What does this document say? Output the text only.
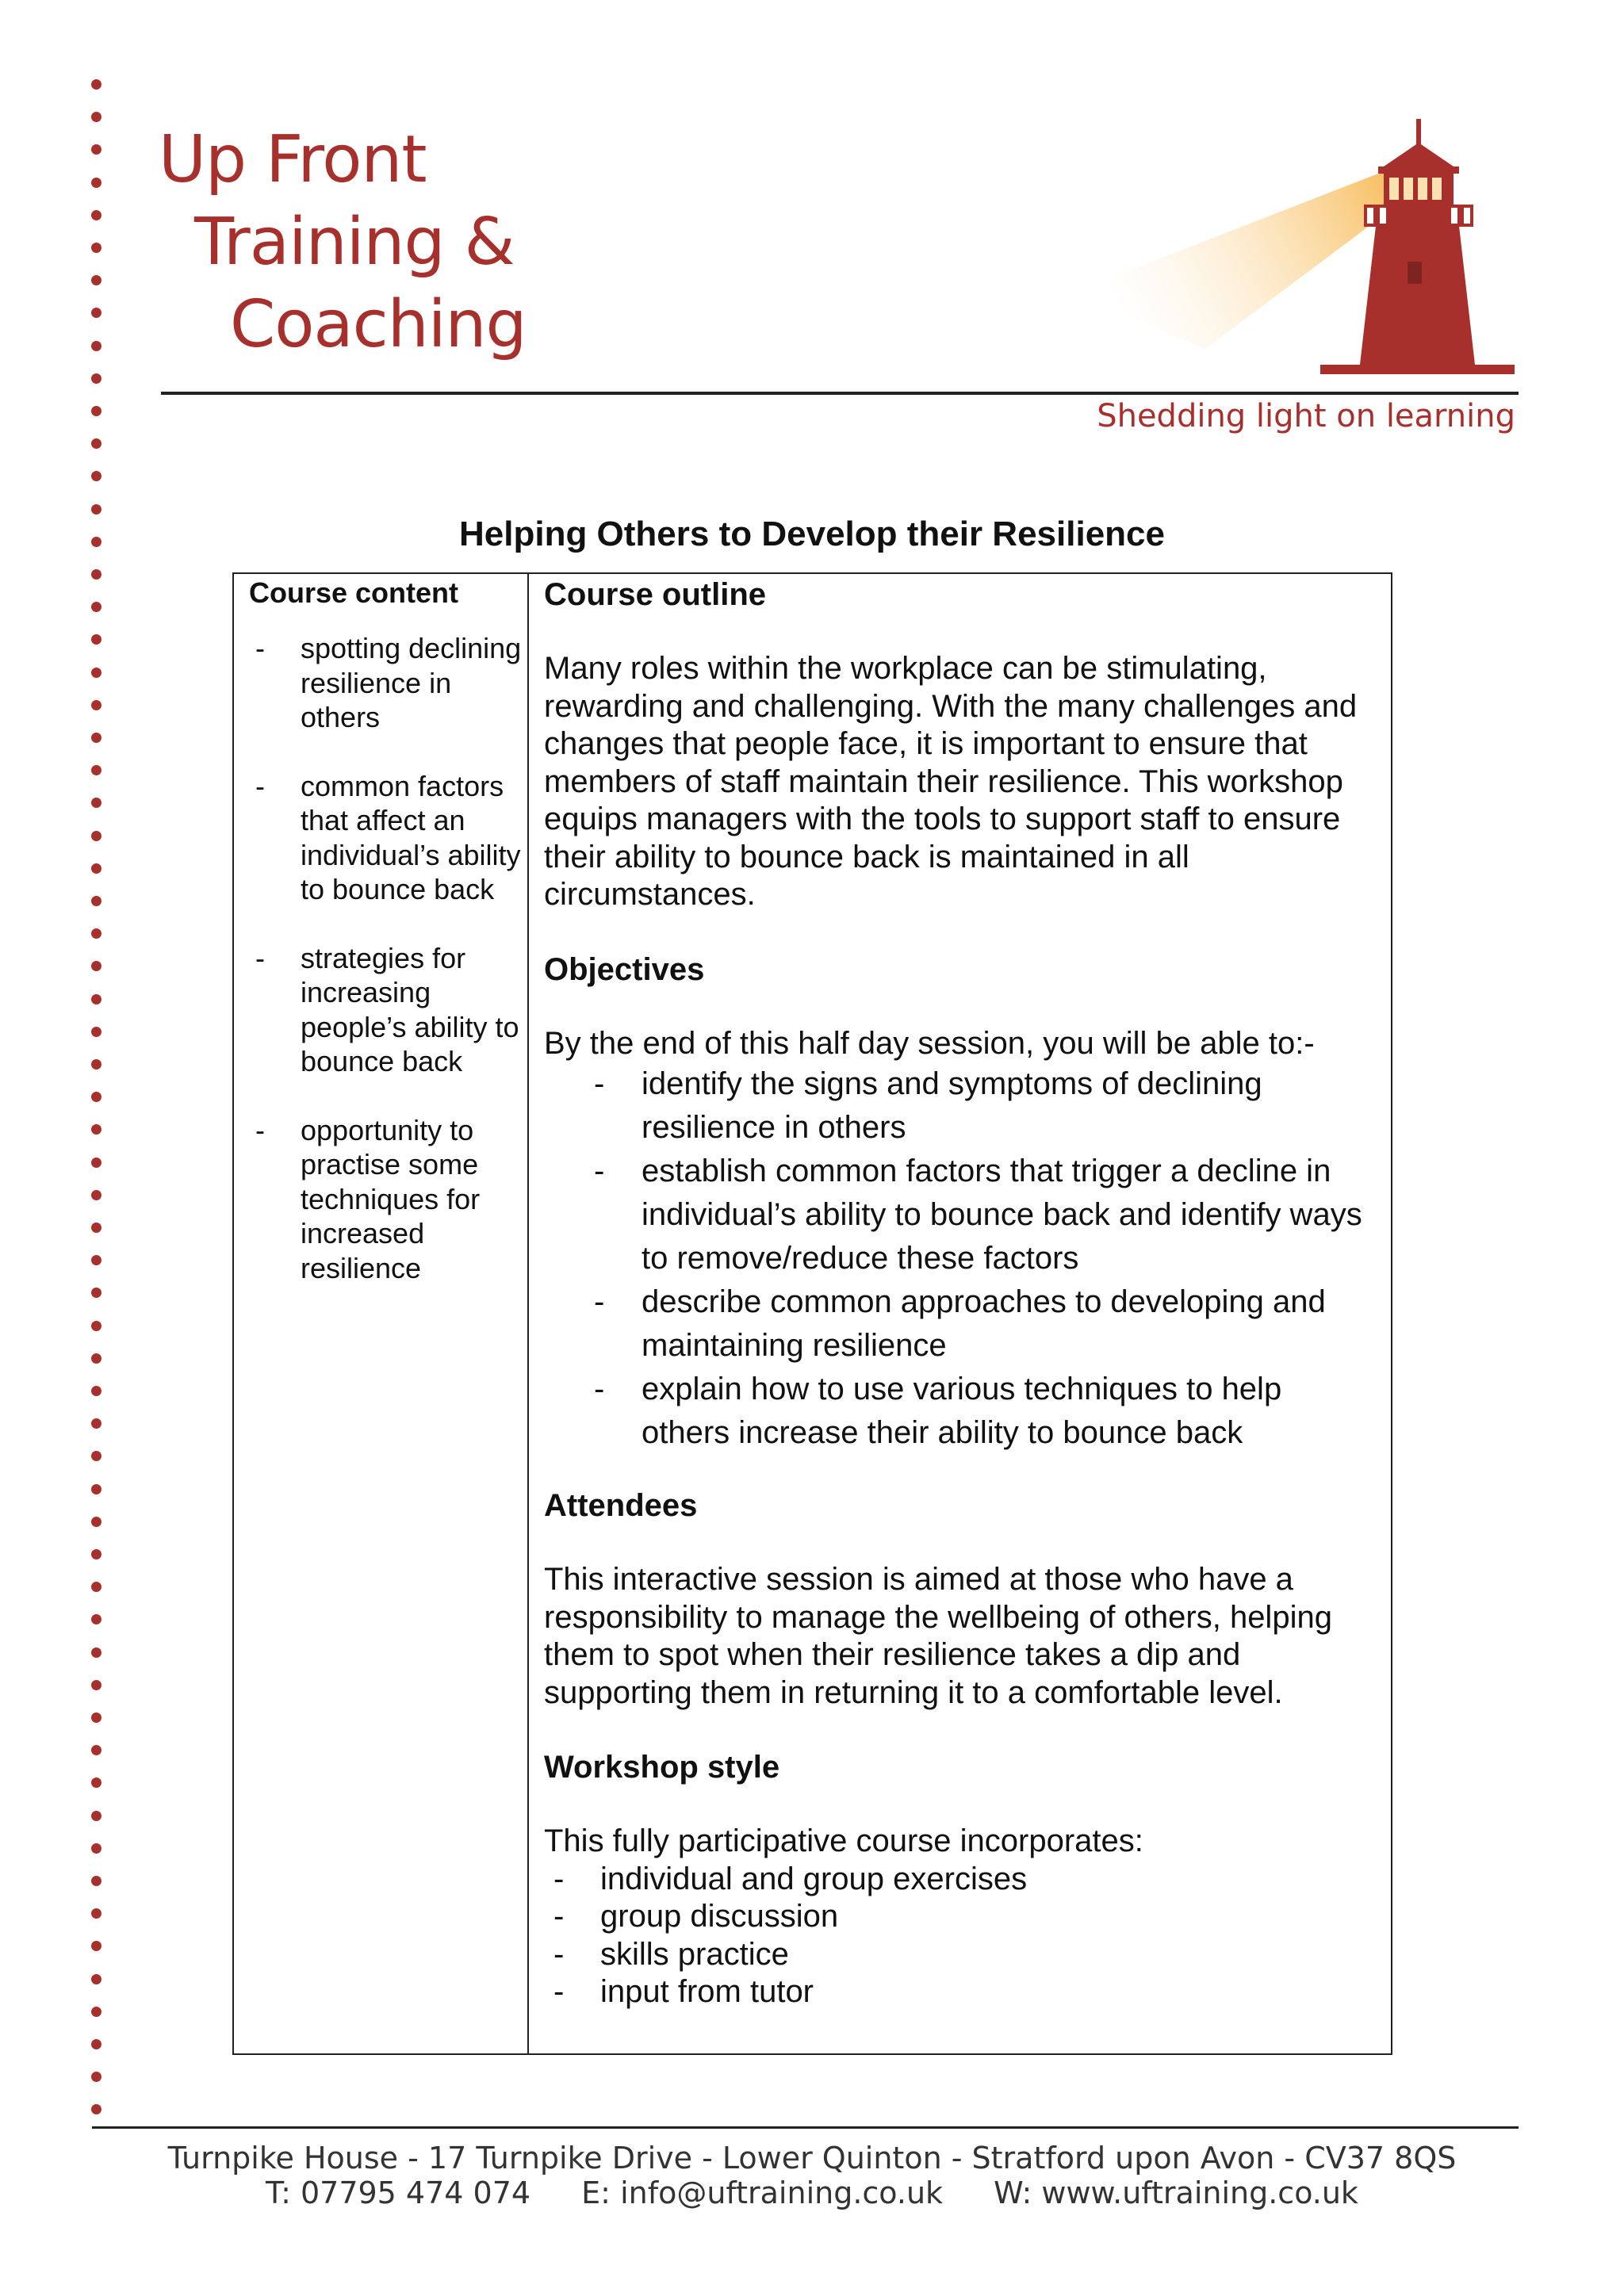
Up Front
Training &
Coaching
Shedding light on learning
Helping Others to Develop their Resilience
Course content
- spotting declining resilience in others
- common factors that affect an individual’s ability to bounce back
- strategies for increasing people’s ability to bounce back
- opportunity to practise some techniques for increased resilience
Course outline

Many roles within the workplace can be stimulating, rewarding and challenging. With the many challenges and changes that people face, it is important to ensure that members of staff maintain their resilience. This workshop equips managers with the tools to support staff to ensure their ability to bounce back is maintained in all circumstances.

Objectives

By the end of this half day session, you will be able to:-

- identify the signs and symptoms of declining resilience in others
- establish common factors that trigger a decline in individual’s ability to bounce back and identify ways to remove/reduce these factors
- describe common approaches to developing and maintaining resilience
- explain how to use various techniques to help others increase their ability to bounce back
Attendees

This interactive session is aimed at those who have a responsibility to manage the wellbeing of others, helping them to spot when their resilience takes a dip and supporting them in returning it to a comfortable level.

Workshop style

This fully participative course incorporates:

- individual and group exercises
- group discussion
- skills practice
- input from tutor
Turnpike House - 17 Turnpike Drive - Lower Quinton - Stratford upon Avon - CV37 8QS
T: 07795 474 074 E: info@uftraining.co.uk W: www.uftraining.co.uk
